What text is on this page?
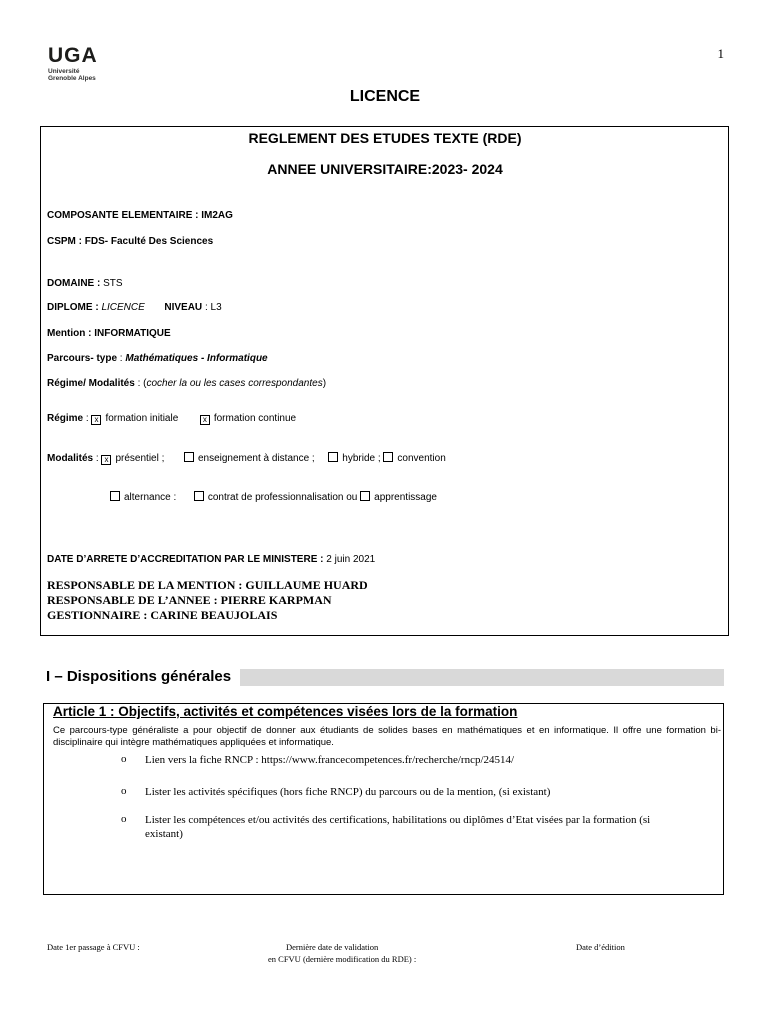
UGA
Université
Grenoble Alpes
1
LICENCE
REGLEMENT DES ETUDES TEXTE (RDE)
ANNEE UNIVERSITAIRE:2023- 2024
COMPOSANTE ELEMENTAIRE : IM2AG
CSPM : FDS- Faculté Des Sciences
DOMAINE : STS
DIPLOME : LICENCE NIVEAU : L3
Mention : INFORMATIQUE
Parcours- type : Mathématiques - Informatique
Régime/ Modalités : (cocher la ou les cases correspondantes)
Régime : x formation initiale	x formation continue
Modalités : x présentiel ;	enseignement à distance ;	hybride ; convention
alternance :	contrat de professionnalisation ou apprentissage
DATE D’ARRETE D’ACCREDITATION PAR LE MINISTERE : 2 juin 2021
RESPONSABLE DE LA MENTION : GUILLAUME HUARD
RESPONSABLE DE L’ANNEE : PIERRE KARPMAN
GESTIONNAIRE : CARINE BEAUJOLAIS
I – Dispositions générales
Article 1 : Objectifs, activités et compétences visées lors de la formation
Ce parcours-type généraliste a pour objectif de donner aux étudiants de solides bases en mathématiques et en informatique. Il offre une formation bi-disciplinaire qui intègre mathématiques appliquées et informatique.
o Lien vers la fiche RNCP : https://www.francecompetences.fr/recherche/rncp/24514/
o Lister les activités spécifiques (hors fiche RNCP) du parcours ou de la mention, (si existant)
o Lister les compétences et/ou activités des certifications, habilitations ou diplômes d’Etat visées par la formation (si existant)
Date 1er passage à CFVU :	Dernière date de validation
en CFVU (dernière modification du RDE) :
Date d’édition
